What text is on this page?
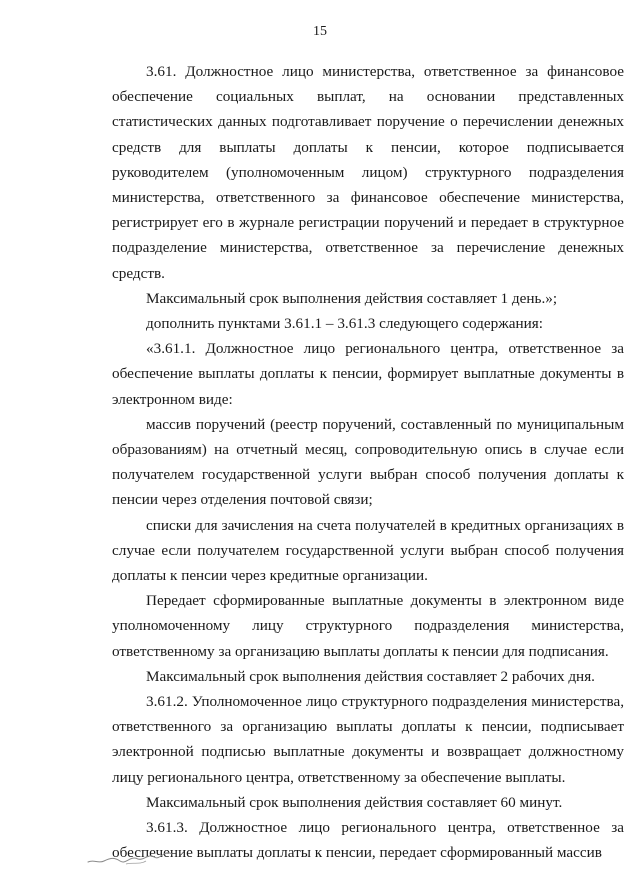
15

3.61. Должностное лицо министерства, ответственное за финансовое обеспечение социальных выплат, на основании представленных статистических данных подготавливает поручение о перечислении денежных средств для выплаты доплаты к пенсии, которое подписывается руководителем (уполномоченным лицом) структурного подразделения министерства, ответственного за финансовое обеспечение министерства, регистрирует его в журнале регистрации поручений и передает в структурное подразделение министерства, ответственное за перечисление денежных средств.

Максимальный срок выполнения действия составляет 1 день.»;

дополнить пунктами 3.61.1 – 3.61.3 следующего содержания:

«3.61.1. Должностное лицо регионального центра, ответственное за обеспечение выплаты доплаты к пенсии, формирует выплатные документы в электронном виде:

массив поручений (реестр поручений, составленный по муниципальным образованиям) на отчетный месяц, сопроводительную опись в случае если получателем государственной услуги выбран способ получения доплаты к пенсии через отделения почтовой связи;

списки для зачисления на счета получателей в кредитных организациях в случае если получателем государственной услуги выбран способ получения доплаты к пенсии через кредитные организации.

Передает сформированные выплатные документы в электронном виде уполномоченному лицу структурного подразделения министерства, ответственному за организацию выплаты доплаты к пенсии для подписания.

Максимальный срок выполнения действия составляет 2 рабочих дня.

3.61.2. Уполномоченное лицо структурного подразделения министерства, ответственного за организацию выплаты доплаты к пенсии, подписывает электронной подписью выплатные документы и возвращает должностному лицу регионального центра, ответственному за обеспечение выплаты.

Максимальный срок выполнения действия составляет 60 минут.

3.61.3. Должностное лицо регионального центра, ответственное за обеспечение выплаты доплаты к пенсии, передает сформированный массив
